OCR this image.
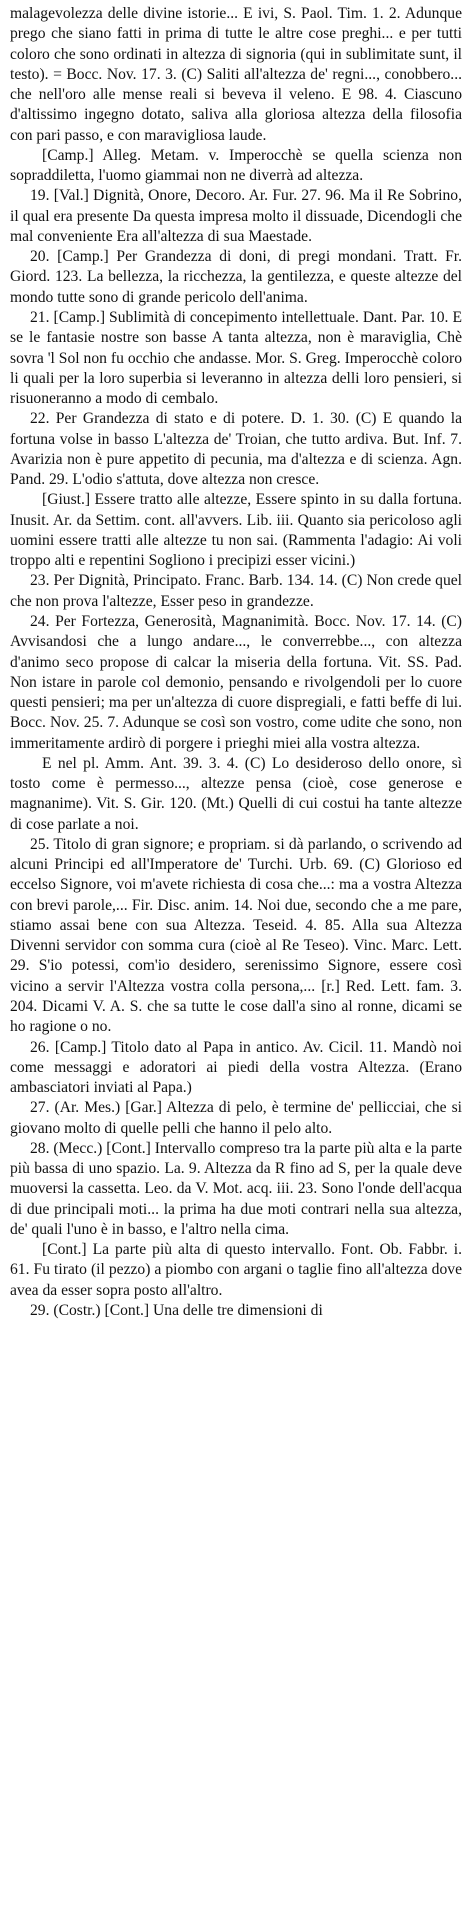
malagevolezza delle divine istorie... E ivi, S. Paol. Tim. 1. 2. Adunque prego che siano fatti in prima di tutte le altre cose preghi... e per tutti coloro che sono ordinati in altezza di signoria (qui in sublimitate sunt, il testo). = Bocc. Nov. 17. 3. (C) Saliti all'altezza de' regni..., conobbero... che nell'oro alle mense reali si beveva il veleno. E 98. 4. Ciascuno d'altissimo ingegno dotato, saliva alla gloriosa altezza della filosofia con pari passo, e con maravigliosa laude.

[Camp.] Alleg. Metam. v. Imperocchè se quella scienza non sopraddiletta, l'uomo giammai non ne diverrà ad altezza.

19. [Val.] Dignità, Onore, Decoro. Ar. Fur. 27. 96. Ma il Re Sobrino, il qual era presente Da questa impresa molto il dissuade, Dicendogli che mal conveniente Era all'altezza di sua Maestade.

20. [Camp.] Per Grandezza di doni, di pregi mondani. Tratt. Fr. Giord. 123. La bellezza, la ricchezza, la gentilezza, e queste altezze del mondo tutte sono di grande pericolo dell'anima.

21. [Camp.] Sublimità di concepimento intellettuale. Dant. Par. 10. E se le fantasie nostre son basse A tanta altezza, non è maraviglia, Chè sovra 'l Sol non fu occhio che andasse. Mor. S. Greg. Imperocchè coloro li quali per la loro superbia si leveranno in altezza delli loro pensieri, si risuoneranno a modo di cembalo.

22. Per Grandezza di stato e di potere. D. 1. 30. (C) E quando la fortuna volse in basso L'altezza de' Troian, che tutto ardiva. But. Inf. 7. Avarizia non è pure appetito di pecunia, ma d'altezza e di scienza. Agn. Pand. 29. L'odio s'attuta, dove altezza non cresce.

[Giust.] Essere tratto alle altezze, Essere spinto in su dalla fortuna. Inusit. Ar. da Settim. cont. all'avvers. Lib. iii. Quanto sia pericoloso agli uomini essere tratti alle altezze tu non sai. (Rammenta l'adagio: Ai voli troppo alti e repentini Sogliono i precipizi esser vicini.)

23. Per Dignità, Principato. Franc. Barb. 134. 14. (C) Non crede quel che non prova l'altezze, Esser peso in grandezze.

24. Per Fortezza, Generosità, Magnanimità. Bocc. Nov. 17. 14. (C) Avvisandosi che a lungo andare..., le converrebbe..., con altezza d'animo seco propose di calcar la miseria della fortuna. Vit. SS. Pad. Non istare in parole col demonio, pensando e rivolgendoli per lo cuore questi pensieri; ma per un'altezza di cuore dispregiali, e fatti beffe di lui. Bocc. Nov. 25. 7. Adunque se così son vostro, come udite che sono, non immeritamente ardirò di porgere i prieghi miei alla vostra altezza.

E nel pl. Amm. Ant. 39. 3. 4. (C) Lo desideroso dello onore, sì tosto come è permesso..., altezze pensa (cioè, cose generose e magnanime). Vit. S. Gir. 120. (Mt.) Quelli di cui costui ha tante altezze di cose parlate a noi.

25. Titolo di gran signore; e propriam. si dà parlando, o scrivendo ad alcuni Principi ed all'Imperatore de' Turchi. Urb. 69. (C) Glorioso ed eccelso Signore, voi m'avete richiesta di cosa che...: ma a vostra Altezza con brevi parole,... Fir. Disc. anim. 14. Noi due, secondo che a me pare, stiamo assai bene con sua Altezza. Teseid. 4. 85. Alla sua Altezza Divenni servidor con somma cura (cioè al Re Teseo). Vinc. Marc. Lett. 29. S'io potessi, com'io desidero, serenissimo Signore, essere così vicino a servir l'Altezza vostra colla persona,... [r.] Red. Lett. fam. 3. 204. Dicami V. A. S. che sa tutte le cose dall'a sino al ronne, dicami se ho ragione o no.

26. [Camp.] Titolo dato al Papa in antico. Av. Cicil. 11. Mandò noi come messaggi e adoratori ai piedi della vostra Altezza. (Erano ambasciatori inviati al Papa.)

27. (Ar. Mes.) [Gar.] Altezza di pelo, è termine de' pellicciai, che si giovano molto di quelle pelli che hanno il pelo alto.

28. (Mecc.) [Cont.] Intervallo compreso tra la parte più alta e la parte più bassa di uno spazio. La. 9. Altezza da R fino ad S, per la quale deve muoversi la cassetta. Leo. da V. Mot. acq. iii. 23. Sono l'onde dell'acqua di due principali moti... la prima ha due moti contrari nella sua altezza, de' quali l'uno è in basso, e l'altro nella cima.

[Cont.] La parte più alta di questo intervallo. Font. Ob. Fabbr. i. 61. Fu tirato (il pezzo) a piombo con argani o taglie fino all'altezza dove avea da esser sopra posto all'altro.

29. (Costr.) [Cont.] Una delle tre dimensioni di
